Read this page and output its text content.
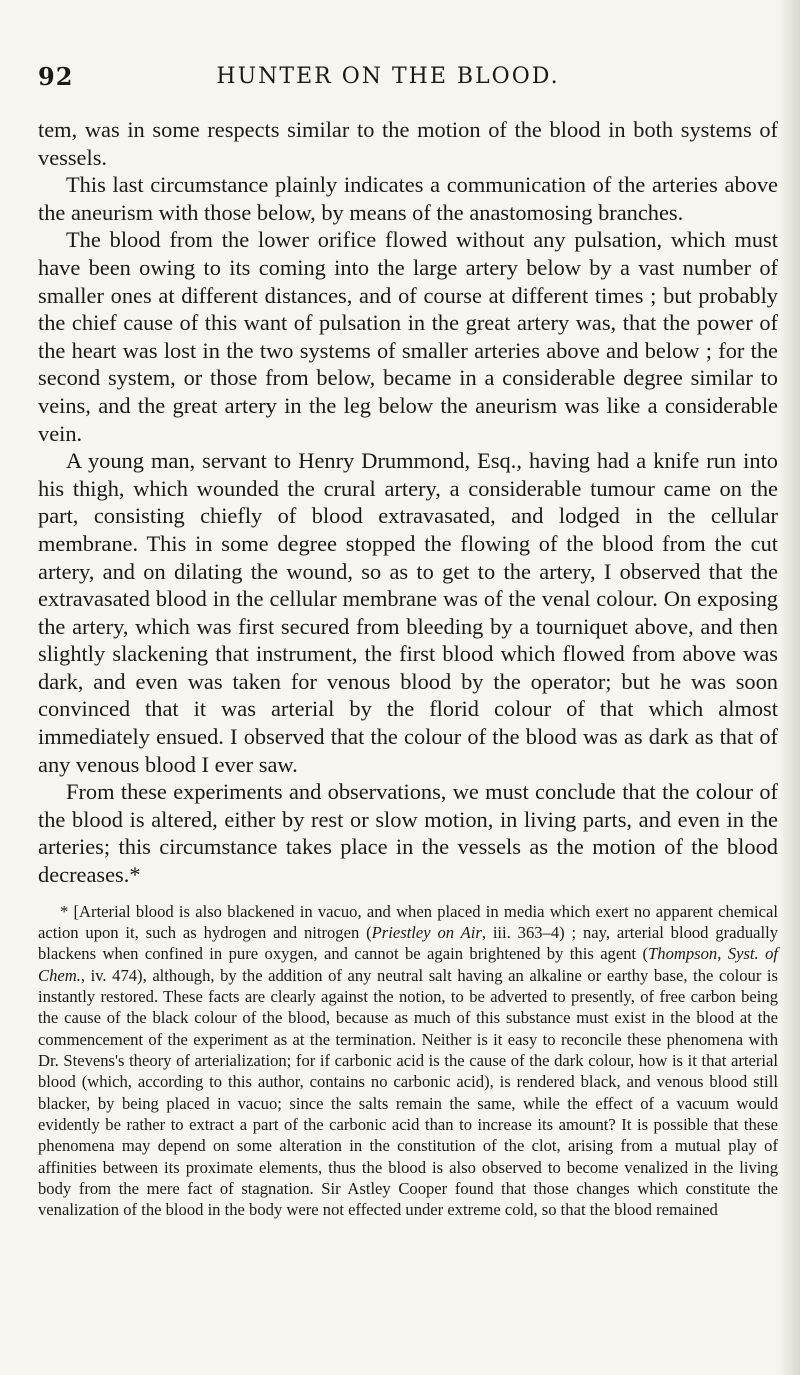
92	HUNTER ON THE BLOOD.

tem, was in some respects similar to the motion of the blood in both systems of vessels.

This last circumstance plainly indicates a communication of the arteries above the aneurism with those below, by means of the anastomosing branches.

The blood from the lower orifice flowed without any pulsation, which must have been owing to its coming into the large artery below by a vast number of smaller ones at different distances, and of course at different times ; but probably the chief cause of this want of pulsation in the great artery was, that the power of the heart was lost in the two systems of smaller arteries above and below ; for the second system, or those from below, became in a considerable degree similar to veins, and the great artery in the leg below the aneurism was like a considerable vein.

A young man, servant to Henry Drummond, Esq., having had a knife run into his thigh, which wounded the crural artery, a considerable tumour came on the part, consisting chiefly of blood extravasated, and lodged in the cellular membrane. This in some degree stopped the flowing of the blood from the cut artery, and on dilating the wound, so as to get to the artery, I observed that the extravasated blood in the cellular membrane was of the venal colour. On exposing the artery, which was first secured from bleeding by a tourniquet above, and then slightly slackening that instrument, the first blood which flowed from above was dark, and even was taken for venous blood by the operator; but he was soon convinced that it was arterial by the florid colour of that which almost immediately ensued. I observed that the colour of the blood was as dark as that of any venous blood I ever saw.

From these experiments and observations, we must conclude that the colour of the blood is altered, either by rest or slow motion, in living parts, and even in the arteries; this circumstance takes place in the vessels as the motion of the blood decreases.*

* [Arterial blood is also blackened in vacuo, and when placed in media which exert no apparent chemical action upon it, such as hydrogen and nitrogen (Priestley on Air, iii. 363–4) ; nay, arterial blood gradually blackens when confined in pure oxygen, and cannot be again brightened by this agent (Thompson, Syst. of Chem., iv. 474), although, by the addition of any neutral salt having an alkaline or earthy base, the colour is instantly restored. These facts are clearly against the notion, to be adverted to presently, of free carbon being the cause of the black colour of the blood, because as much of this substance must exist in the blood at the commencement of the experiment as at the termination. Neither is it easy to reconcile these phenomena with Dr. Stevens's theory of arterialization; for if carbonic acid is the cause of the dark colour, how is it that arterial blood (which, according to this author, contains no carbonic acid), is rendered black, and venous blood still blacker, by being placed in vacuo; since the salts remain the same, while the effect of a vacuum would evidently be rather to extract a part of the carbonic acid than to increase its amount? It is possible that these phenomena may depend on some alteration in the constitution of the clot, arising from a mutual play of affinities between its proximate elements, thus the blood is also observed to become venalized in the living body from the mere fact of stagnation. Sir Astley Cooper found that those changes which constitute the venalization of the blood in the body were not effected under extreme cold, so that the blood remained
